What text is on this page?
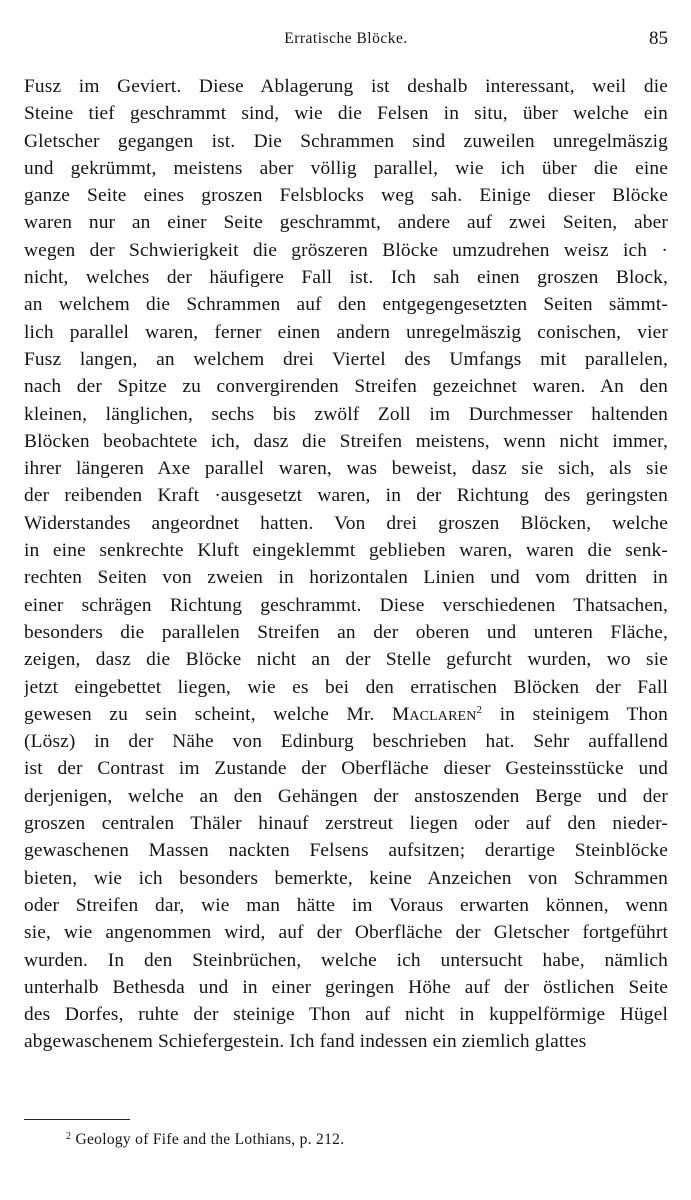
Erratische Blöcke.	85
Fusz im Geviert. Diese Ablagerung ist deshalb interessant, weil die
Steine tief geschrammt sind, wie die Felsen in situ, über welche ein
Gletscher gegangen ist. Die Schrammen sind zuweilen unregelmäszig
und gekrümmt, meistens aber völlig parallel, wie ich über die eine
ganze Seite eines groszen Felsblocks weg sah. Einige dieser Blöcke
waren nur an einer Seite geschrammt, andere auf zwei Seiten, aber
wegen der Schwierigkeit die gröszeren Blöcke umzudrehen weisz ich ·
nicht, welches der häufigere Fall ist. Ich sah einen groszen Block,
an welchem die Schrammen auf den entgegengesetzten Seiten sämmt-
lich parallel waren, ferner einen andern unregelmäszig conischen, vier
Fusz langen, an welchem drei Viertel des Umfangs mit parallelen,
nach der Spitze zu convergirenden Streifen gezeichnet waren. An den
kleinen, länglichen, sechs bis zwölf Zoll im Durchmesser haltenden
Blöcken beobachtete ich, dasz die Streifen meistens, wenn nicht immer,
ihrer längeren Axe parallel waren, was beweist, dasz sie sich, als sie
der reibenden Kraft ·ausgesetzt waren, in der Richtung des geringsten
Widerstandes angeordnet hatten. Von drei groszen Blöcken, welche
in eine senkrechte Kluft eingeklemmt geblieben waren, waren die senk-
rechten Seiten von zweien in horizontalen Linien und vom dritten in
einer schrägen Richtung geschrammt. Diese verschiedenen Thatsachen,
besonders die parallelen Streifen an der oberen und unteren Fläche,
zeigen, dasz die Blöcke nicht an der Stelle gefurcht wurden, wo sie
jetzt eingebettet liegen, wie es bei den erratischen Blöcken der Fall
gewesen zu sein scheint, welche Mr. Maclaren$^2$ in steinigem Thon
(Lösz) in der Nähe von Edinburg beschrieben hat. Sehr auffallend
ist der Contrast im Zustande der Oberfläche dieser Gesteinsstücke und
derjenigen, welche an den Gehängen der anstoszenden Berge und der
groszen centralen Thäler hinauf zerstreut liegen oder auf den nieder-
gewaschenen Massen nackten Felsens aufsitzen; derartige Steinblöcke
bieten, wie ich besonders bemerkte, keine Anzeichen von Schrammen
oder Streifen dar, wie man hätte im Voraus erwarten können, wenn
sie, wie angenommen wird, auf der Oberfläche der Gletscher fortgeführt
wurden. In den Steinbrüchen, welche ich untersucht habe, nämlich
unterhalb Bethesda und in einer geringen Höhe auf der östlichen Seite
des Dorfes, ruhte der steinige Thon auf nicht in kuppelförmige Hügel
abgewaschenem Schiefergestein. Ich fand indessen ein ziemlich glattes
$^2$ Geology of Fife and the Lothians, p. 212.
